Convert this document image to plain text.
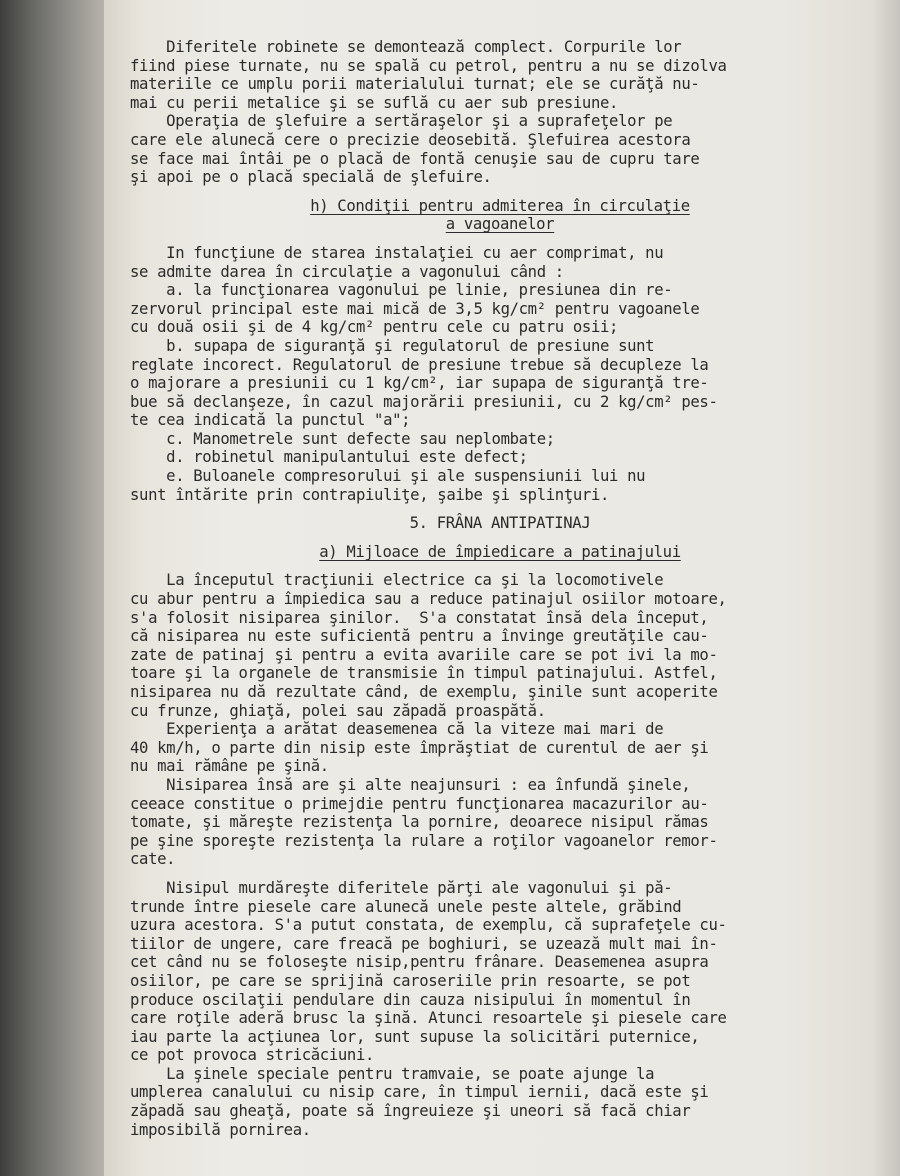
Diferitele robinete se demontează complect. Corpurile lor
fiind piese turnate, nu se spală cu petrol, pentru a nu se dizolva
materiile ce umplu porii materialului turnat; ele se curăţă nu-
mai cu perii metalice şi se suflă cu aer sub presiune.
Operaţia de şlefuire a sertăraşelor şi a suprafeţelor pe
care ele alunecă cere o precizie deosebită. Şlefuirea acestora
se face mai întâi pe o placă de fontă cenuşie sau de cupru tare
şi apoi pe o placă specială de şlefuire.
h) Condiţii pentru admiterea în circulaţie
a vagoanelor
In funcţiune de starea instalaţiei cu aer comprimat, nu
se admite darea în circulaţie a vagonului când :
a. la funcţionarea vagonului pe linie, presiunea din re-
zervorul principal este mai mică de 3,5 kg/cm² pentru vagoanele
cu două osii şi de 4 kg/cm² pentru cele cu patru osii;
b. supapa de siguranţă şi regulatorul de presiune sunt
reglate incorect. Regulatorul de presiune trebue să decupleze la
o majorare a presiunii cu 1 kg/cm², iar supapa de siguranţă tre-
bue să declanşeze, în cazul majorării presiunii, cu 2 kg/cm² pes-
te cea indicată la punctul "a";
c. Manometrele sunt defecte sau neplombate;
d. robinetul manipulantului este defect;
e. Buloanele compresorului şi ale suspensiunii lui nu
sunt întărite prin contrapiuliţe, şaibe şi splinţuri.
5. FRÂNA ANTIPATINAJ
a) Mijloace de împiedicare a patinajului
La începutul tracţiunii electrice ca şi la locomotivele
cu abur pentru a împiedica sau a reduce patinajul osiilor motoare,
s'a folosit nisiparea şinilor.  S'a constatat însă dela început,
că nisiparea nu este suficientă pentru a învinge greutăţile cau-
zate de patinaj şi pentru a evita avariile care se pot ivi la mo-
toare şi la organele de transmisie în timpul patinajului. Astfel,
nisiparea nu dă rezultate când, de exemplu, şinile sunt acoperite
cu frunze, ghiaţă, polei sau zăpadă proaspătă.
Experienţa a arătat deasemenea că la viteze mai mari de
40 km/h, o parte din nisip este împrăştiat de curentul de aer şi
nu mai rămâne pe şină.
Nisiparea însă are şi alte neajunsuri : ea înfundă şinele,
ceeace constitue o primejdie pentru funcţionarea macazurilor au-
tomate, şi măreşte rezistenţa la pornire, deoarece nisipul rămas
pe şine sporeşte rezistenţa la rulare a roţilor vagoanelor remor-
cate.
Nisipul murdăreşte diferitele părţi ale vagonului şi pă-
trunde între piesele care alunecă unele peste altele, grăbind
uzura acestora. S'a putut constata, de exemplu, că suprafeţele cu-
tiilor de ungere, care freacă pe boghiuri, se uzează mult mai în-
cet când nu se foloseşte nisip,pentru frânare. Deasemenea asupra
osiilor, pe care se sprijină caroseriile prin resoarte, se pot
produce oscilaţii pendulare din cauza nisipului în momentul în
care roţile aderă brusc la şină. Atunci resoartele şi piesele care
iau parte la acţiunea lor, sunt supuse la solicitări puternice,
ce pot provoca stricăciuni.
La şinele speciale pentru tramvaie, se poate ajunge la
umplerea canalului cu nisip care, în timpul iernii, dacă este şi
zăpadă sau gheaţă, poate să îngreuieze şi uneori să facă chiar
imposibilă pornirea.
